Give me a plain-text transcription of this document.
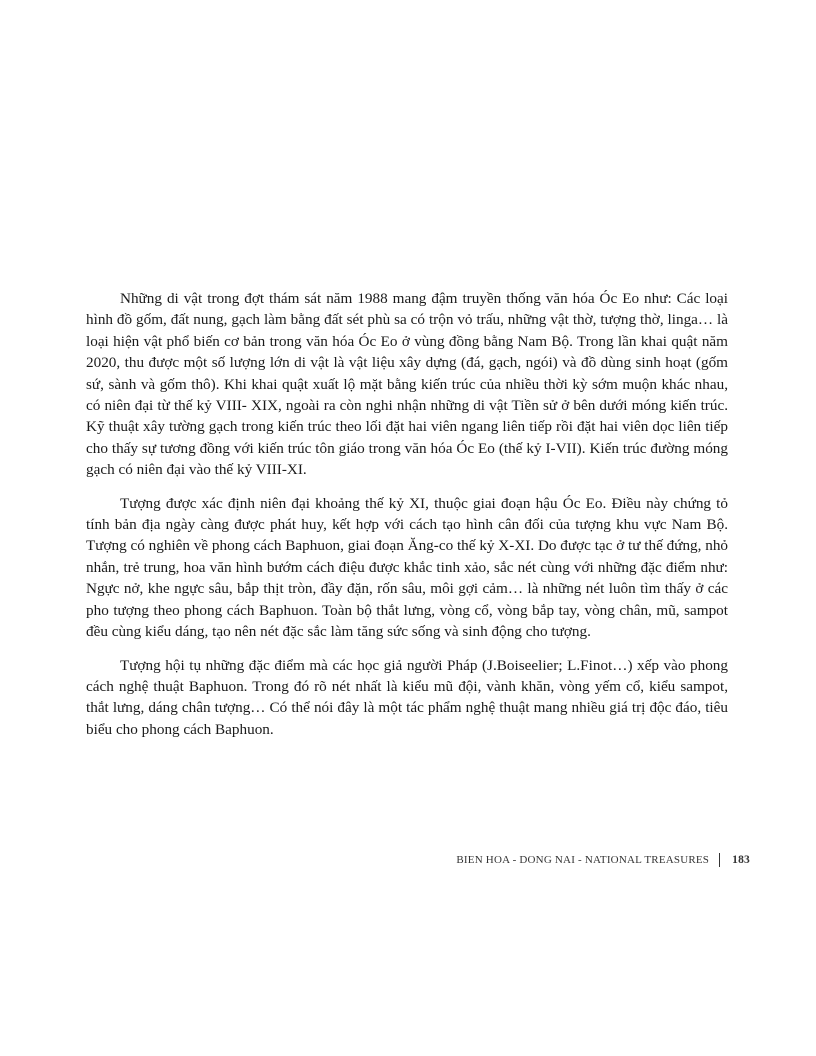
Những di vật trong đợt thám sát năm 1988 mang đậm truyền thống văn hóa Óc Eo như: Các loại hình đồ gốm, đất nung, gạch làm bằng đất sét phù sa có trộn vỏ trấu, những vật thờ, tượng thờ, linga… là loại hiện vật phổ biến cơ bản trong văn hóa Óc Eo ở vùng đồng bằng Nam Bộ. Trong lần khai quật năm 2020, thu được một số lượng lớn di vật là vật liệu xây dựng (đá, gạch, ngói) và đồ dùng sinh hoạt (gốm sứ, sành và gốm thô). Khi khai quật xuất lộ mặt bằng kiến trúc của nhiều thời kỳ sớm muộn khác nhau, có niên đại từ thế kỷ VIII- XIX, ngoài ra còn nghi nhận những di vật Tiền sử ở bên dưới móng kiến trúc. Kỹ thuật xây tường gạch trong kiến trúc theo lối đặt hai viên ngang liên tiếp rồi đặt hai viên dọc liên tiếp cho thấy sự tương đồng với kiến trúc tôn giáo trong văn hóa Óc Eo (thế kỷ I-VII). Kiến trúc đường móng gạch có niên đại vào thế kỷ VIII-XI.

Tượng được xác định niên đại khoảng thế kỷ XI, thuộc giai đoạn hậu Óc Eo. Điều này chứng tỏ tính bản địa ngày càng được phát huy, kết hợp với cách tạo hình cân đối của tượng khu vực Nam Bộ. Tượng có nghiên về phong cách Baphuon, giai đoạn Ăng-co thế kỷ X-XI. Do được tạc ở tư thế đứng, nhỏ nhắn, trẻ trung, hoa văn hình bướm cách điệu được khắc tinh xảo, sắc nét cùng với những đặc điểm như: Ngực nở, khe ngực sâu, bắp thịt tròn, đầy đặn, rốn sâu, môi gợi cảm… là những nét luôn tìm thấy ở các pho tượng theo phong cách Baphuon. Toàn bộ thắt lưng, vòng cổ, vòng bắp tay, vòng chân, mũ, sampot đều cùng kiểu dáng, tạo nên nét đặc sắc làm tăng sức sống và sinh động cho tượng.

Tượng hội tụ những đặc điểm mà các học giả người Pháp (J.Boiseelier; L.Finot…) xếp vào phong cách nghệ thuật Baphuon. Trong đó rõ nét nhất là kiểu mũ đội, vành khăn, vòng yếm cổ, kiểu sampot, thắt lưng, dáng chân tượng… Có thể nói đây là một tác phẩm nghệ thuật mang nhiều giá trị độc đáo, tiêu biểu cho phong cách Baphuon.

BIEN HOA - DONG NAI - NATIONAL TREASURES 183
